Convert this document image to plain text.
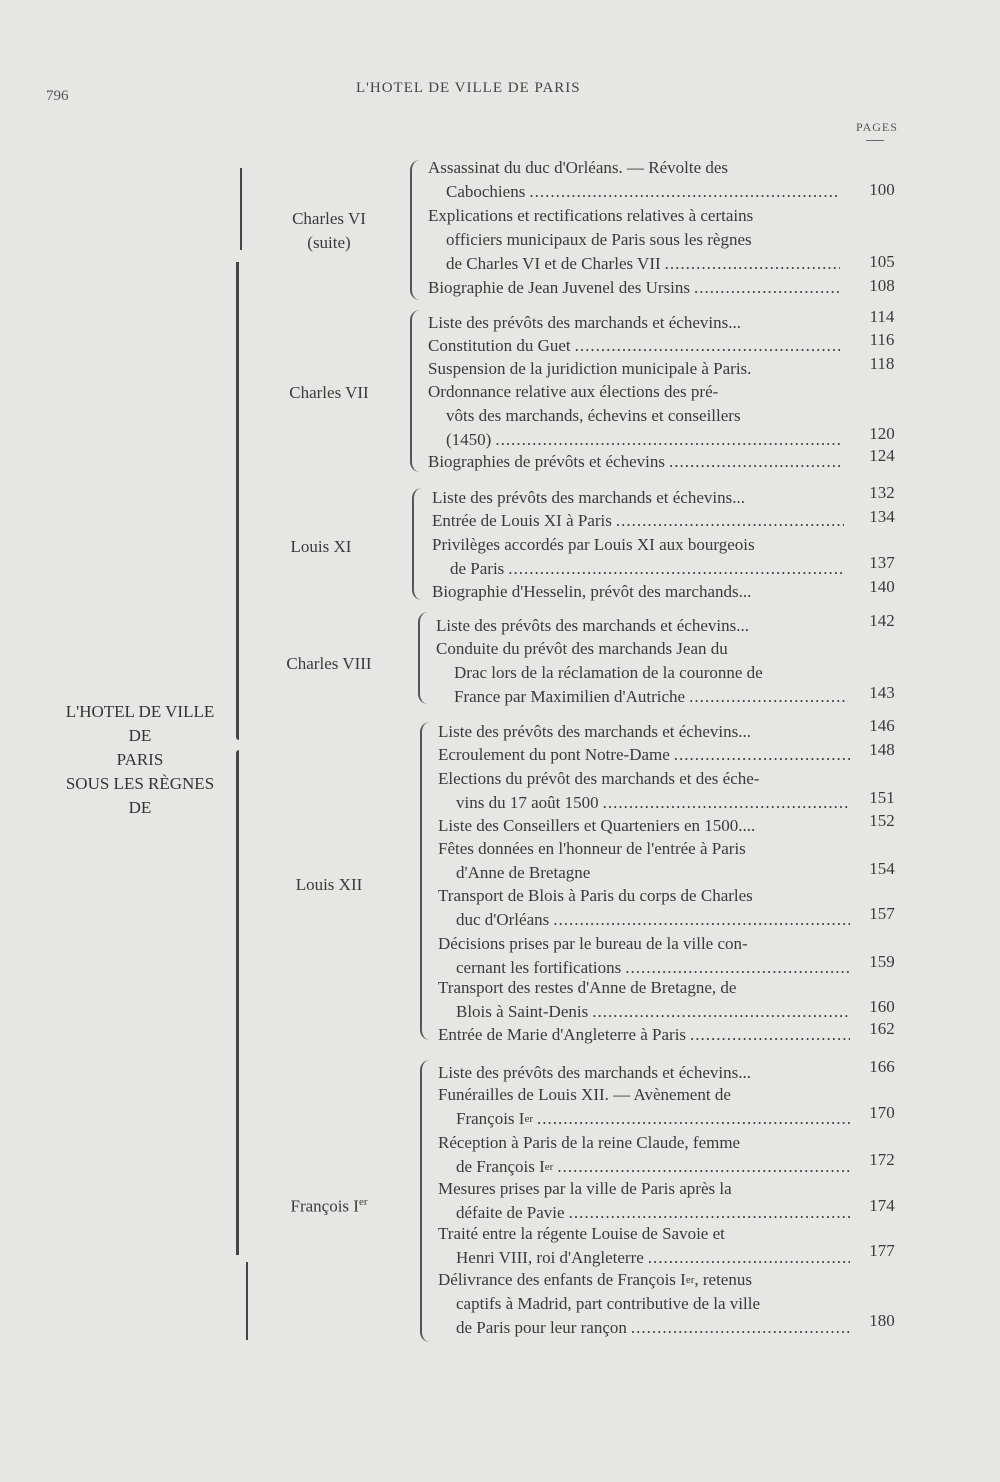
796	L'HOTEL DE VILLE DE PARIS
PAGES
L'HOTEL DE VILLE
DE
PARIS
SOUS LES RÈGNES
DE
Charles VI
(suite)
Charles VII
Louis XI
Charles VIII
Louis XII
François Ier
Assassinat du duc d'Orléans. — Révolte des
Cabochiens .....	100
Explications et rectifications relatives à certains
officiers municipaux de Paris sous les règnes
de Charles VI et de Charles VII .....	105
Biographie de Jean Juvenel des Ursins .....	108
Liste des prévôts des marchands et échevins...	114
Constitution du Guet .....	116
Suspension de la juridiction municipale à Paris.	118
Ordonnance relative aux élections des pré-
vôts des marchands, échevins et conseillers
(1450) .....	120
Biographies de prévôts et échevins .....	124
Liste des prévôts des marchands et échevins...	132
Entrée de Louis XI à Paris .....	134
Privilèges accordés par Louis XI aux bourgeois
de Paris .....	137
Biographie d'Hesselin, prévôt des marchands...	140
Liste des prévôts des marchands et échevins...	142
Conduite du prévôt des marchands Jean du
Drac lors de la réclamation de la couronne de
France par Maximilien d'Autriche .....	143
Liste des prévôts des marchands et échevins...	146
Ecroulement du pont Notre-Dame .....	148
Elections du prévôt des marchands et des éche-
vins du 17 août 1500 .....	151
Liste des Conseillers et Quarteniers en 1500....	152
Fêtes données en l'honneur de l'entrée à Paris
d'Anne de Bretagne	154
Transport de Blois à Paris du corps de Charles
duc d'Orléans .....	157
Décisions prises par le bureau de la ville con-
cernant les fortifications .....	159
Transport des restes d'Anne de Bretagne, de
Blois à Saint-Denis .....	160
Entrée de Marie d'Angleterre à Paris .....	162
Liste des prévôts des marchands et échevins...	166
Funérailles de Louis XII. — Avènement de
François I er .....	170
Réception à Paris de la reine Claude, femme
de François I er .....	172
Mesures prises par la ville de Paris après la
défaite de Pavie .....	174
Traité entre la régente Louise de Savoie et
Henri VIII, roi d'Angleterre .....	177
Délivrance des enfants de François I er , retenus
captifs à Madrid, part contributive de la ville
de Paris pour leur rançon .....	180
